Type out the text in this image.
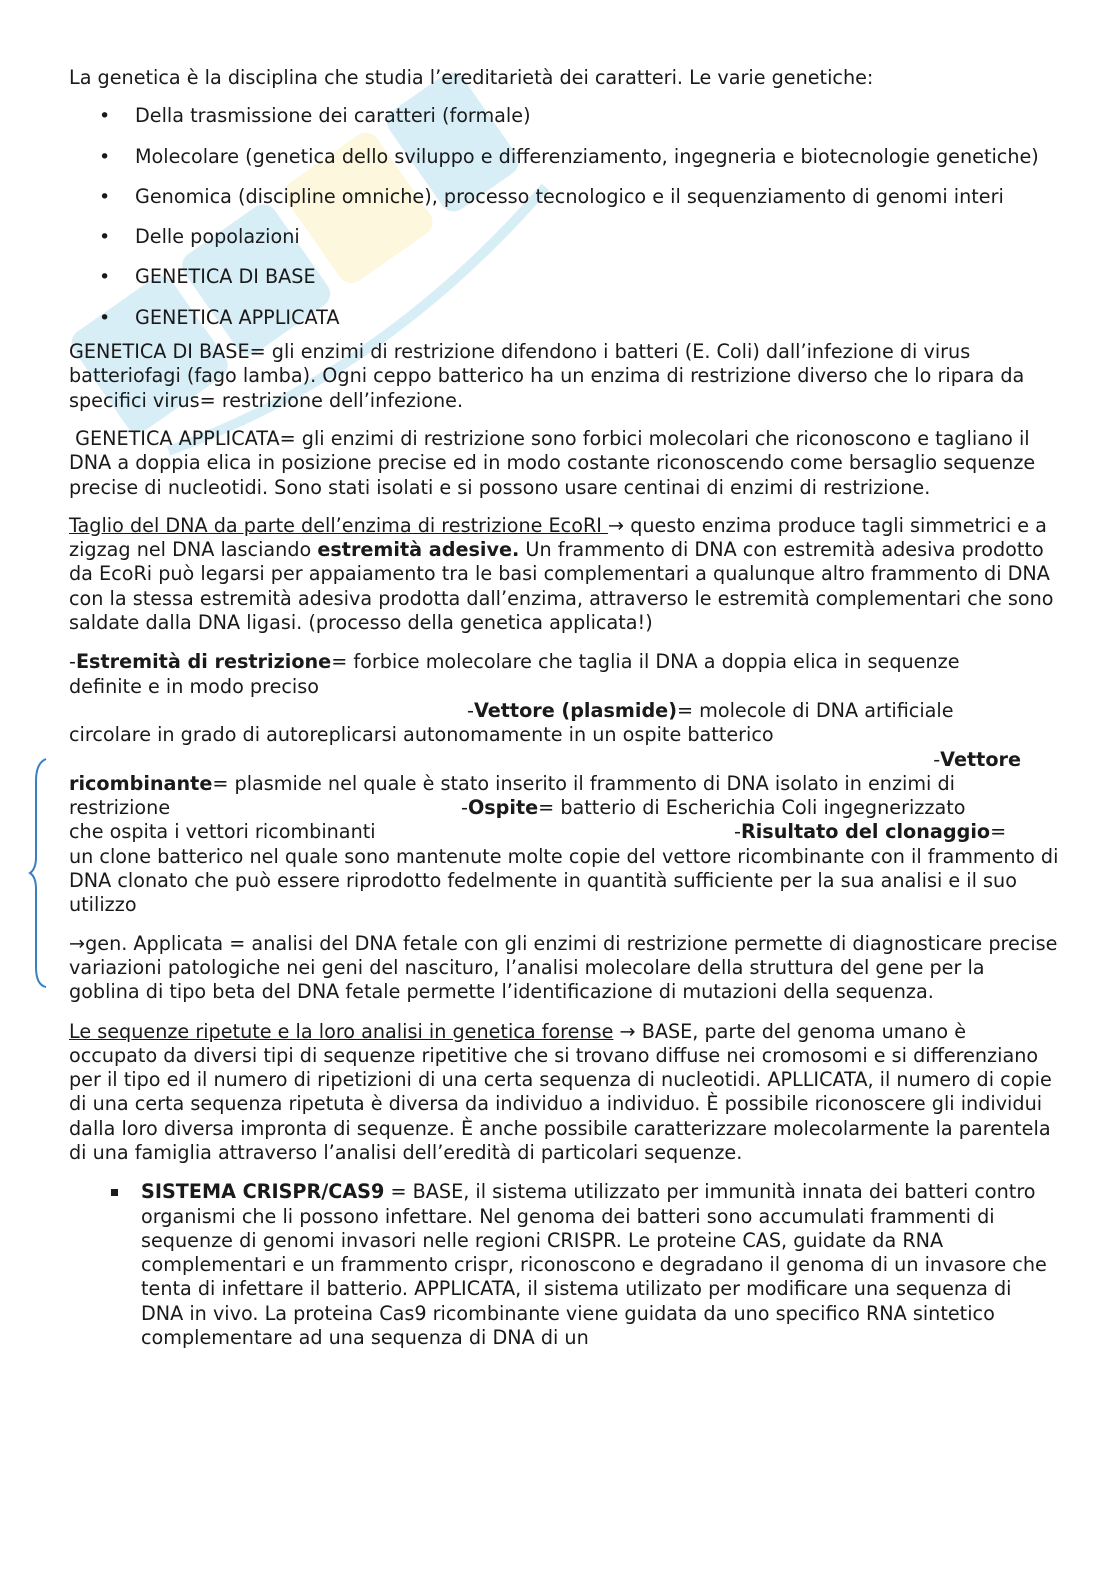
La genetica è la disciplina che studia l’ereditarietà dei caratteri. Le varie genetiche:

• Della trasmissione dei caratteri (formale)
• Molecolare (genetica dello sviluppo e differenziamento, ingegneria e biotecnologie genetiche)
• Genomica (discipline omniche), processo tecnologico e il sequenziamento di genomi interi
• Delle popolazioni
• GENETICA DI BASE
• GENETICA APPLICATA

GENETICA DI BASE= gli enzimi di restrizione difendono i batteri (E. Coli) dall’infezione di virus batteriofagi (fago lamba). Ogni ceppo batterico ha un enzima di restrizione diverso che lo ripara da specifici virus= restrizione dell’infezione.

GENETICA APPLICATA= gli enzimi di restrizione sono forbici molecolari che riconoscono e tagliano il DNA a doppia elica in posizione precise ed in modo costante riconoscendo come bersaglio sequenze precise di nucleotidi. Sono stati isolati e si possono usare centinai di enzimi di restrizione.

Taglio del DNA da parte dell’enzima di restrizione EcoRI → questo enzima produce tagli simmetrici e a zigzag nel DNA lasciando estremità adesive. Un frammento di DNA con estremità adesiva prodotto da EcoRi può legarsi per appaiamento tra le basi complementari a qualunque altro frammento di DNA con la stessa estremità adesiva prodotta dall’enzima, attraverso le estremità complementari che sono saldate dalla DNA ligasi. (processo della genetica applicata!)

-Estremità di restrizione= forbice molecolare che taglia il DNA a doppia elica in sequenze
definite e in modo preciso
-Vettore (plasmide)= molecole di DNA artificiale
circolare in grado di autoreplicarsi autonomamente in un ospite batterico
-Vettore
ricombinante= plasmide nel quale è stato inserito il frammento di DNA isolato in enzimi di
restrizione	-Ospite= batterio di Escherichia Coli ingegnerizzato
che ospita i vettori ricombinanti	-Risultato del clonaggio=
un clone batterico nel quale sono mantenute molte copie del vettore ricombinante con il frammento di DNA clonato che può essere riprodotto fedelmente in quantità sufficiente per la sua analisi e il suo utilizzo

→gen. Applicata = analisi del DNA fetale con gli enzimi di restrizione permette di diagnosticare precise variazioni patologiche nei geni del nascituro, l’analisi molecolare della struttura del gene per la goblina di tipo beta del DNA fetale permette l’identificazione di mutazioni della sequenza.

Le sequenze ripetute e la loro analisi in genetica forense → BASE, parte del genoma umano è occupato da diversi tipi di sequenze ripetitive che si trovano diffuse nei cromosomi e si differenziano per il tipo ed il numero di ripetizioni di una certa sequenza di nucleotidi. APLLICATA, il numero di copie di una certa sequenza ripetuta è diversa da individuo a individuo. È possibile riconoscere gli individui dalla loro diversa impronta di sequenze. È anche possibile caratterizzare molecolarmente la parentela di una famiglia attraverso l’analisi dell’eredità di particolari sequenze.

SISTEMA CRISPR/CAS9 = BASE, il sistema utilizzato per immunità innata dei batteri contro organismi che li possono infettare. Nel genoma dei batteri sono accumulati frammenti di sequenze di genomi invasori nelle regioni CRISPR. Le proteine CAS, guidate da RNA complementari e un frammento crispr, riconoscono e degradano il genoma di un invasore che tenta di infettare il batterio. APPLICATA, il sistema utilizato per modificare una sequenza di DNA in vivo. La proteina Cas9 ricombinante viene guidata da uno specifico RNA sintetico complementare ad una sequenza di DNA di un
